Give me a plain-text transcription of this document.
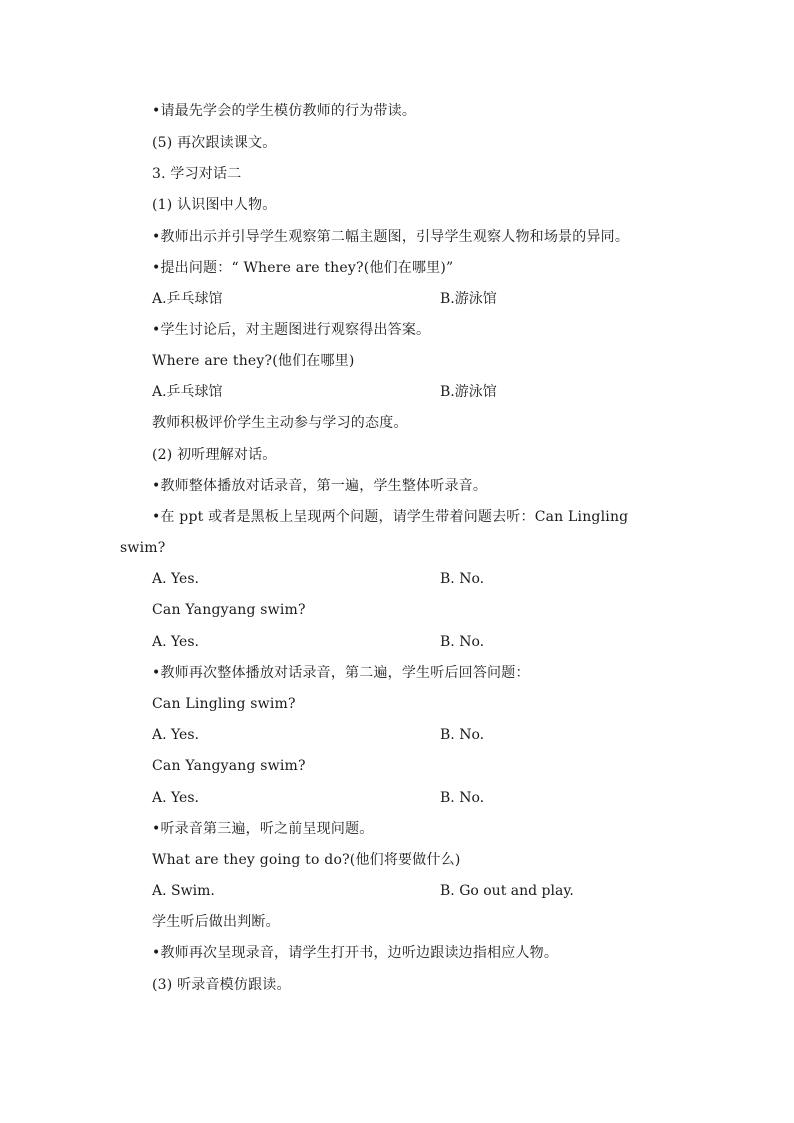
•请最先学会的学生模仿教师的行为带读。
(5) 再次跟读课文。
3. 学习对话二
(1) 认识图中人物。
•教师出示并引导学生观察第二幅主题图，引导学生观察人物和场景的异同。
•提出问题：“ Where are they?(他们在哪里)”
A.乒乓球馆	B.游泳馆
•学生讨论后，对主题图进行观察得出答案。
Where are they?(他们在哪里)
A.乒乓球馆	B.游泳馆
教师积极评价学生主动参与学习的态度。
(2) 初听理解对话。
•教师整体播放对话录音，第一遍，学生整体听录音。
•在 ppt 或者是黑板上呈现两个问题，请学生带着问题去听：Can Lingling
swim?
A. Yes.	B. No.
Can Yangyang swim?
A. Yes.	B. No.
•教师再次整体播放对话录音，第二遍，学生听后回答问题：
Can Lingling swim?
A. Yes.	B. No.
Can Yangyang swim?
A. Yes.	B. No.
•听录音第三遍，听之前呈现问题。
What are they going to do?(他们将要做什么)
A. Swim.	B. Go out and play.
学生听后做出判断。
•教师再次呈现录音，请学生打开书，边听边跟读边指相应人物。
(3) 听录音模仿跟读。
